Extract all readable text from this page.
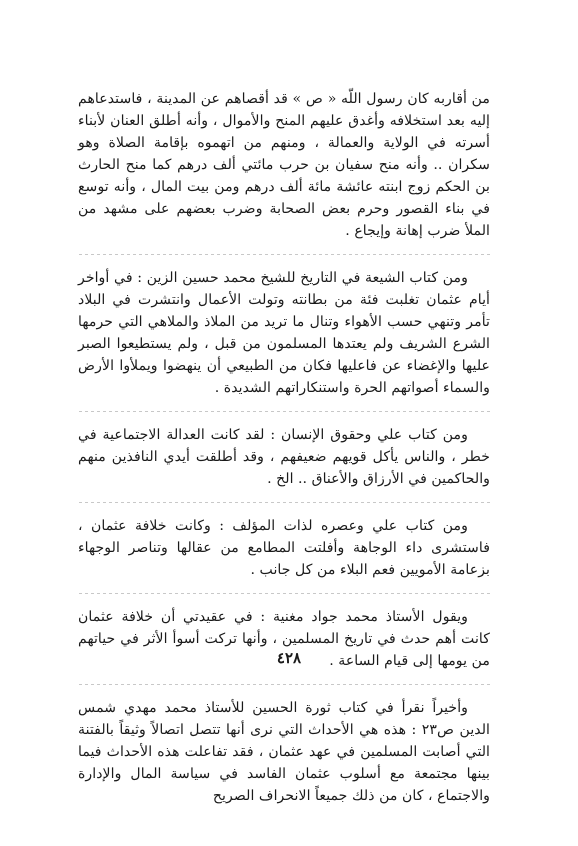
من أقاربه كان رسول اللّه « ص » قد أقصاهم عن المدينة ، فاستدعاهم إليه بعد استخلافه وأغدق عليهم المنح والأموال ، وأنه أطلق العنان لأبناء أسرته في الولاية والعمالة ، ومنهم من اتهموه بإقامة الصلاة وهو سكران .. وأنه منح سفيان بن حرب مائتي ألف درهم كما منح الحارث بن الحكم زوج ابنته عائشة مائة ألف درهم ومن بيت المال ، وأنه توسع في بناء القصور وحرم بعض الصحابة وضرب بعضهم على مشهد من الملأ ضرب إهانة وإيجاع .

ومن كتاب الشيعة في التاريخ للشيخ محمد حسين الزين : في أواخر أيام عثمان تغلبت فئة من بطانته وتولت الأعمال وانتشرت في البلاد تأمر وتنهي حسب الأهواء وتنال ما تريد من الملاذ والملاهي التي حرمها الشرع الشريف ولم يعتدها المسلمون من قبل ، ولم يستطيعوا الصبر عليها والإغضاء عن فاعليها فكان من الطبيعي أن ينهضوا ويملأوا الأرض والسماء أصواتهم الحرة واستنكاراتهم الشديدة .

ومن كتاب علي وحقوق الإنسان : لقد كانت العدالة الاجتماعية في خطر ، والناس يأكل قويهم ضعيفهم ، وقد أطلقت أيدي النافذين منهم والحاكمين في الأرزاق والأعناق .. الخ .

ومن كتاب علي وعصره لذات المؤلف : وكانت خلافة عثمان ، فاستشرى داء الوجاهة وأفلتت المطامع من عقالها وتناصر الوجهاء بزعامة الأمويين فعم البلاء من كل جانب .

ويقول الأستاذ محمد جواد مغنية : في عقيدتي أن خلافة عثمان كانت أهم حدث في تاريخ المسلمين ، وأنها تركت أسوأ الأثر في حياتهم من يومها إلى قيام الساعة .

وأخيراً نقرأ في كتاب ثورة الحسين للأستاذ محمد مهدي شمس الدين ص٢٣ : هذه هي الأحداث التي نرى أنها تتصل اتصالاً وثيقاً بالفتنة التي أصابت المسلمين في عهد عثمان ، فقد تفاعلت هذه الأحداث فيما بينها مجتمعة مع أسلوب عثمان الفاسد في سياسة المال والإدارة والاجتماع ، كان من ذلك جميعاً الانحراف الصريح

٤٢٨
